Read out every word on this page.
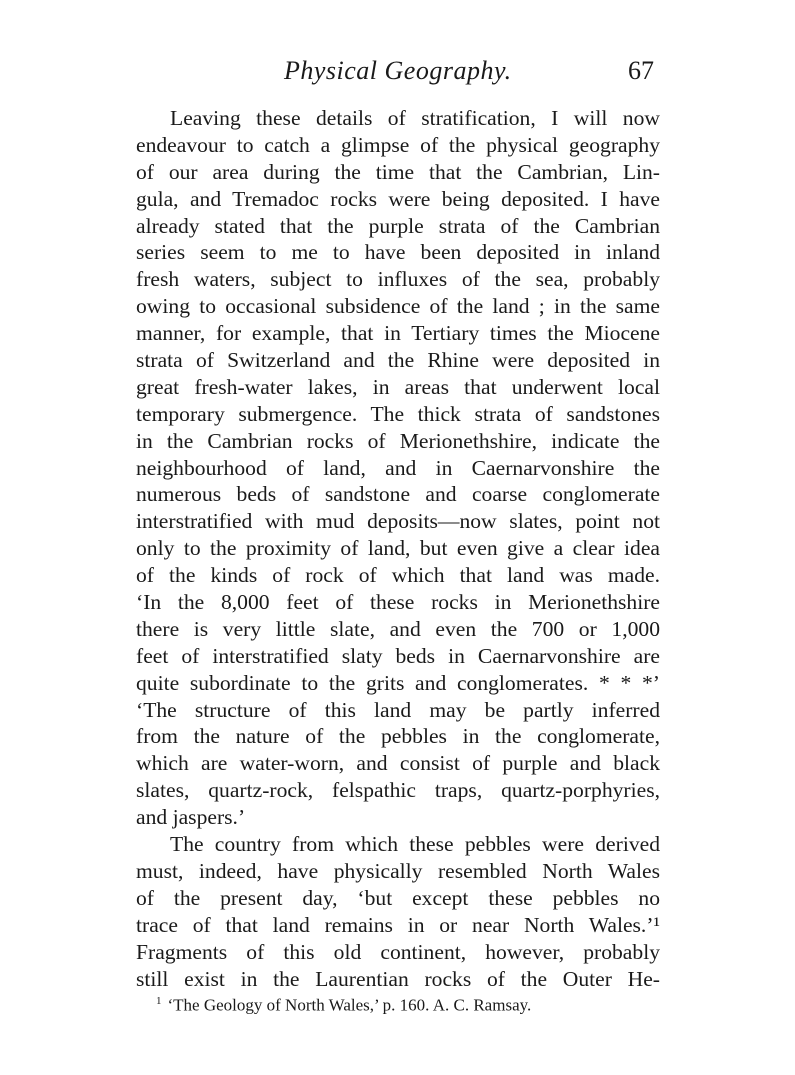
Physical Geography.	67
Leaving these details of stratification, I will now
endeavour to catch a glimpse of the physical geography
of our area during the time that the Cambrian, Lin-
gula, and Tremadoc rocks were being deposited. I have
already stated that the purple strata of the Cambrian
series seem to me to have been deposited in inland
fresh waters, subject to influxes of the sea, probably
owing to occasional subsidence of the land ; in the same
manner, for example, that in Tertiary times the Miocene
strata of Switzerland and the Rhine were deposited in
great fresh-water lakes, in areas that underwent local
temporary submergence. The thick strata of sandstones
in the Cambrian rocks of Merionethshire, indicate the
neighbourhood of land, and in Caernarvonshire the
numerous beds of sandstone and coarse conglomerate
interstratified with mud deposits—now slates, point not
only to the proximity of land, but even give a clear idea
of the kinds of rock of which that land was made.
‘In the 8,000 feet of these rocks in Merionethshire
there is very little slate, and even the 700 or 1,000
feet of interstratified slaty beds in Caernarvonshire are
quite subordinate to the grits and conglomerates. * * *’
‘The structure of this land may be partly inferred
from the nature of the pebbles in the conglomerate,
which are water-worn, and consist of purple and black
slates, quartz-rock, felspathic traps, quartz-porphyries,
and jaspers.’
The country from which these pebbles were derived
must, indeed, have physically resembled North Wales
of the present day, ‘but except these pebbles no
trace of that land remains in or near North Wales.’¹
Fragments of this old continent, however, probably
still exist in the Laurentian rocks of the Outer He-
$^1$ ‘The Geology of North Wales,’ p. 160. A. C. Ramsay.
